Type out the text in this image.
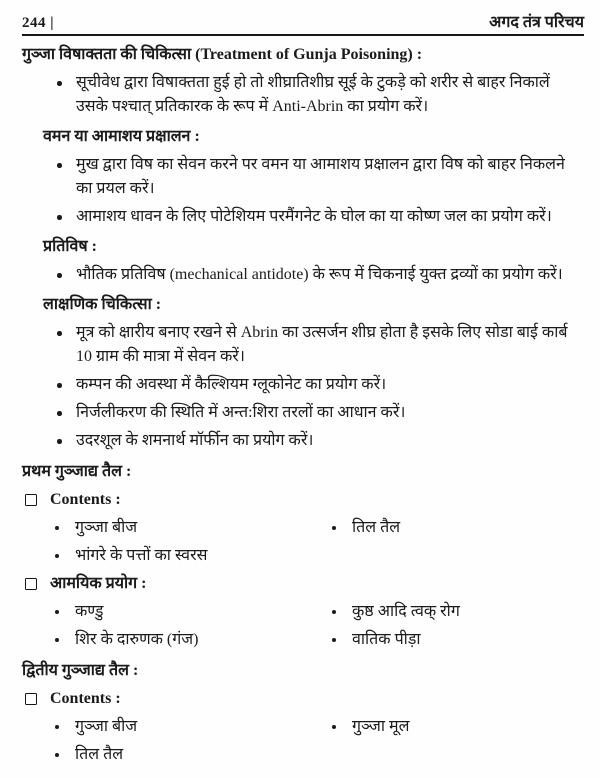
244 |	अगद तंत्र परिचय
गुञ्जा विषाक्तता की चिकित्सा (Treatment of Gunja Poisoning) :
सूचीवेध द्वारा विषाक्तता हुई हो तो शीघ्रातिशीघ्र सूई के टुकड़े को शरीर से बाहर निकालें उसके पश्चात् प्रतिकारक के रूप में Anti-Abrin का प्रयोग करें।
वमन या आमाशय प्रक्षालन :
मुख द्वारा विष का सेवन करने पर वमन या आमाशय प्रक्षालन द्वारा विष को बाहर निकलने का प्रयल करें।
आमाशय धावन के लिए पोटेशियम परमैंगनेट के घोल का या कोष्ण जल का प्रयोग करें।
प्रतिविष :
भौतिक प्रतिविष (mechanical antidote) के रूप में चिकनाई युक्त द्रव्यों का प्रयोग करें।
लाक्षणिक चिकित्सा :
मूत्र को क्षारीय बनाए रखने से Abrin का उत्सर्जन शीघ्र होता है इसके लिए सोडा बाई कार्ब 10 ग्राम की मात्रा में सेवन करें।
कम्पन की अवस्था में कैल्शियम ग्लूकोनेट का प्रयोग करें।
निर्जलीकरण की स्थिति में अन्त:शिरा तरलों का आधान करें।
उदरशूल के शमनार्थ मॉर्फीन का प्रयोग करें।
प्रथम गुञ्जाद्य तैल :
Contents :
गुञ्जा बीज	तिल तैल
भांगरे के पत्तों का स्वरस
आमयिक प्रयोग :
कण्डु	कुष्ठ आदि त्वक् रोग
शिर के दारुणक (गंज)	वातिक पीड़ा
द्वितीय गुञ्जाद्य तैल :
Contents :
गुञ्जा बीज	गुञ्जा मूल
तिल तैल
